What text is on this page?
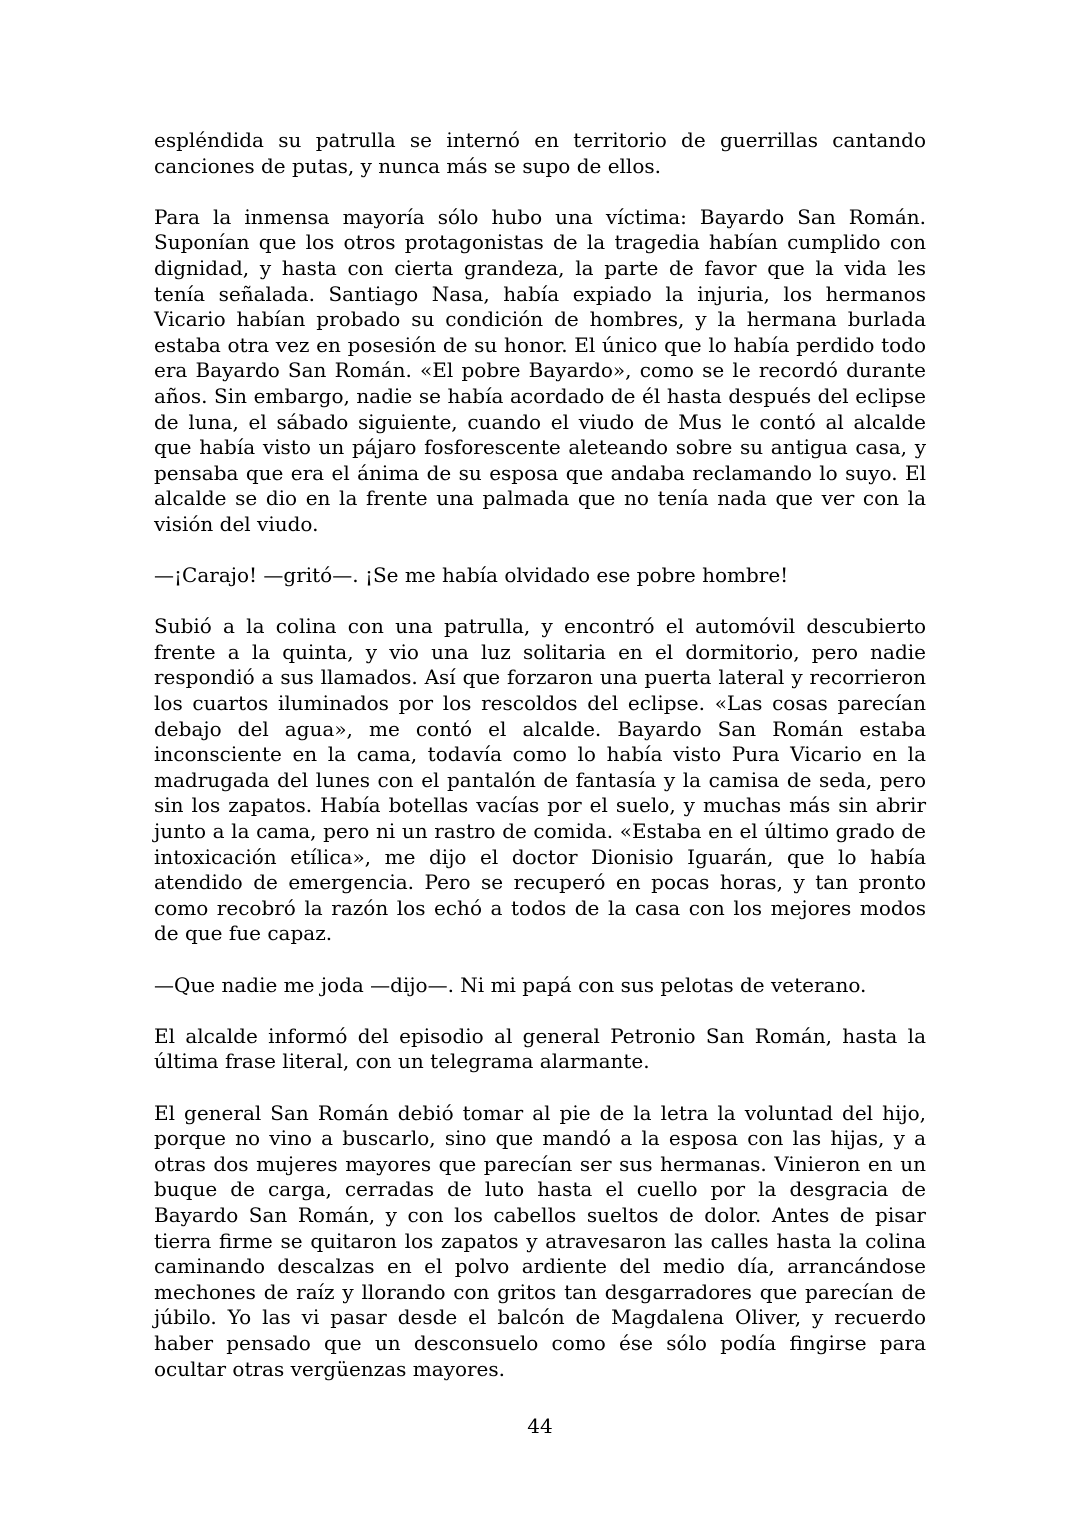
espléndida su patrulla se internó en territorio de guerrillas cantando canciones de putas, y nunca más se supo de ellos.

Para la inmensa mayoría sólo hubo una víctima: Bayardo San Román. Suponían que los otros protagonistas de la tragedia habían cumplido con dignidad, y hasta con cierta grandeza, la parte de favor que la vida les tenía señalada. Santiago Nasa, había expiado la injuria, los hermanos Vicario habían probado su condición de hombres, y la hermana burlada estaba otra vez en posesión de su honor. El único que lo había perdido todo era Bayardo San Román. «El pobre Bayardo», como se le recordó durante años. Sin embargo, nadie se había acordado de él hasta después del eclipse de luna, el sábado siguiente, cuando el viudo de Mus le contó al alcalde que había visto un pájaro fosforescente aleteando sobre su antigua casa, y pensaba que era el ánima de su esposa que andaba reclamando lo suyo. El alcalde se dio en la frente una palmada que no tenía nada que ver con la visión del viudo.

—¡Carajo! —gritó—. ¡Se me había olvidado ese pobre hombre!

Subió a la colina con una patrulla, y encontró el automóvil descubierto frente a la quinta, y vio una luz solitaria en el dormitorio, pero nadie respondió a sus llamados. Así que forzaron una puerta lateral y recorrieron los cuartos iluminados por los rescoldos del eclipse. «Las cosas parecían debajo del agua», me contó el alcalde. Bayardo San Román estaba inconsciente en la cama, todavía como lo había visto Pura Vicario en la madrugada del lunes con el pantalón de fantasía y la camisa de seda, pero sin los zapatos. Había botellas vacías por el suelo, y muchas más sin abrir junto a la cama, pero ni un rastro de comida. «Estaba en el último grado de intoxicación etílica», me dijo el doctor Dionisio Iguarán, que lo había atendido de emergencia. Pero se recuperó en pocas horas, y tan pronto como recobró la razón los echó a todos de la casa con los mejores modos de que fue capaz.

—Que nadie me joda —dijo—. Ni mi papá con sus pelotas de veterano.

El alcalde informó del episodio al general Petronio San Román, hasta la última frase literal, con un telegrama alarmante.

El general San Román debió tomar al pie de la letra la voluntad del hijo, porque no vino a buscarlo, sino que mandó a la esposa con las hijas, y a otras dos mujeres mayores que parecían ser sus hermanas. Vinieron en un buque de carga, cerradas de luto hasta el cuello por la desgracia de Bayardo San Román, y con los cabellos sueltos de dolor. Antes de pisar tierra firme se quitaron los zapatos y atravesaron las calles hasta la colina caminando descalzas en el polvo ardiente del medio día, arrancándose mechones de raíz y llorando con gritos tan desgarradores que parecían de júbilo. Yo las vi pasar desde el balcón de Magdalena Oliver, y recuerdo haber pensado que un desconsuelo como ése sólo podía fingirse para ocultar otras vergüenzas mayores.

44
